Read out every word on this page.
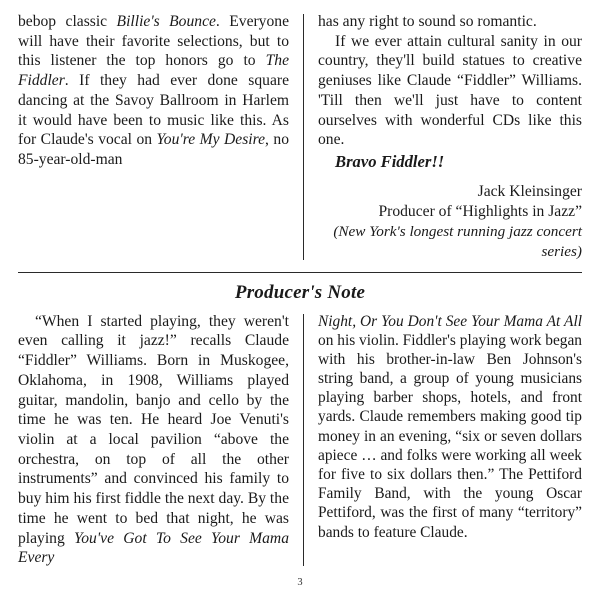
bebop classic Billie's Bounce. Everyone will have their favorite selections, but to this listener the top honors go to The Fiddler. If they had ever done square dancing at the Savoy Ballroom in Harlem it would have been to music like this. As for Claude's vocal on You're My Desire, no 85-year-old-man

has any right to sound so romantic.

If we ever attain cultural sanity in our country, they'll build statues to creative geniuses like Claude “Fiddler” Williams. 'Till then we'll just have to content ourselves with wonderful CDs like this one.

Bravo Fiddler!!

Jack Kleinsinger
Producer of “Highlights in Jazz”
(New York's longest running jazz concert series)
Producer's Note

“When I started playing, they weren't even calling it jazz!” recalls Claude “Fiddler” Williams. Born in Muskogee, Oklahoma, in 1908, Williams played guitar, mandolin, banjo and cello by the time he was ten. He heard Joe Venuti's violin at a local pavilion “above the orchestra, on top of all the other instruments” and convinced his family to buy him his first fiddle the next day. By the time he went to bed that night, he was playing You've Got To See Your Mama Every

Night, Or You Don't See Your Mama At All on his violin. Fiddler's playing work began with his brother-in-law Ben Johnson's string band, a group of young musicians playing barber shops, hotels, and front yards. Claude remembers making good tip money in an evening, “six or seven dollars apiece … and folks were working all week for five to six dollars then.” The Pettiford Family Band, with the young Oscar Pettiford, was the first of many “territory” bands to feature Claude.

3
